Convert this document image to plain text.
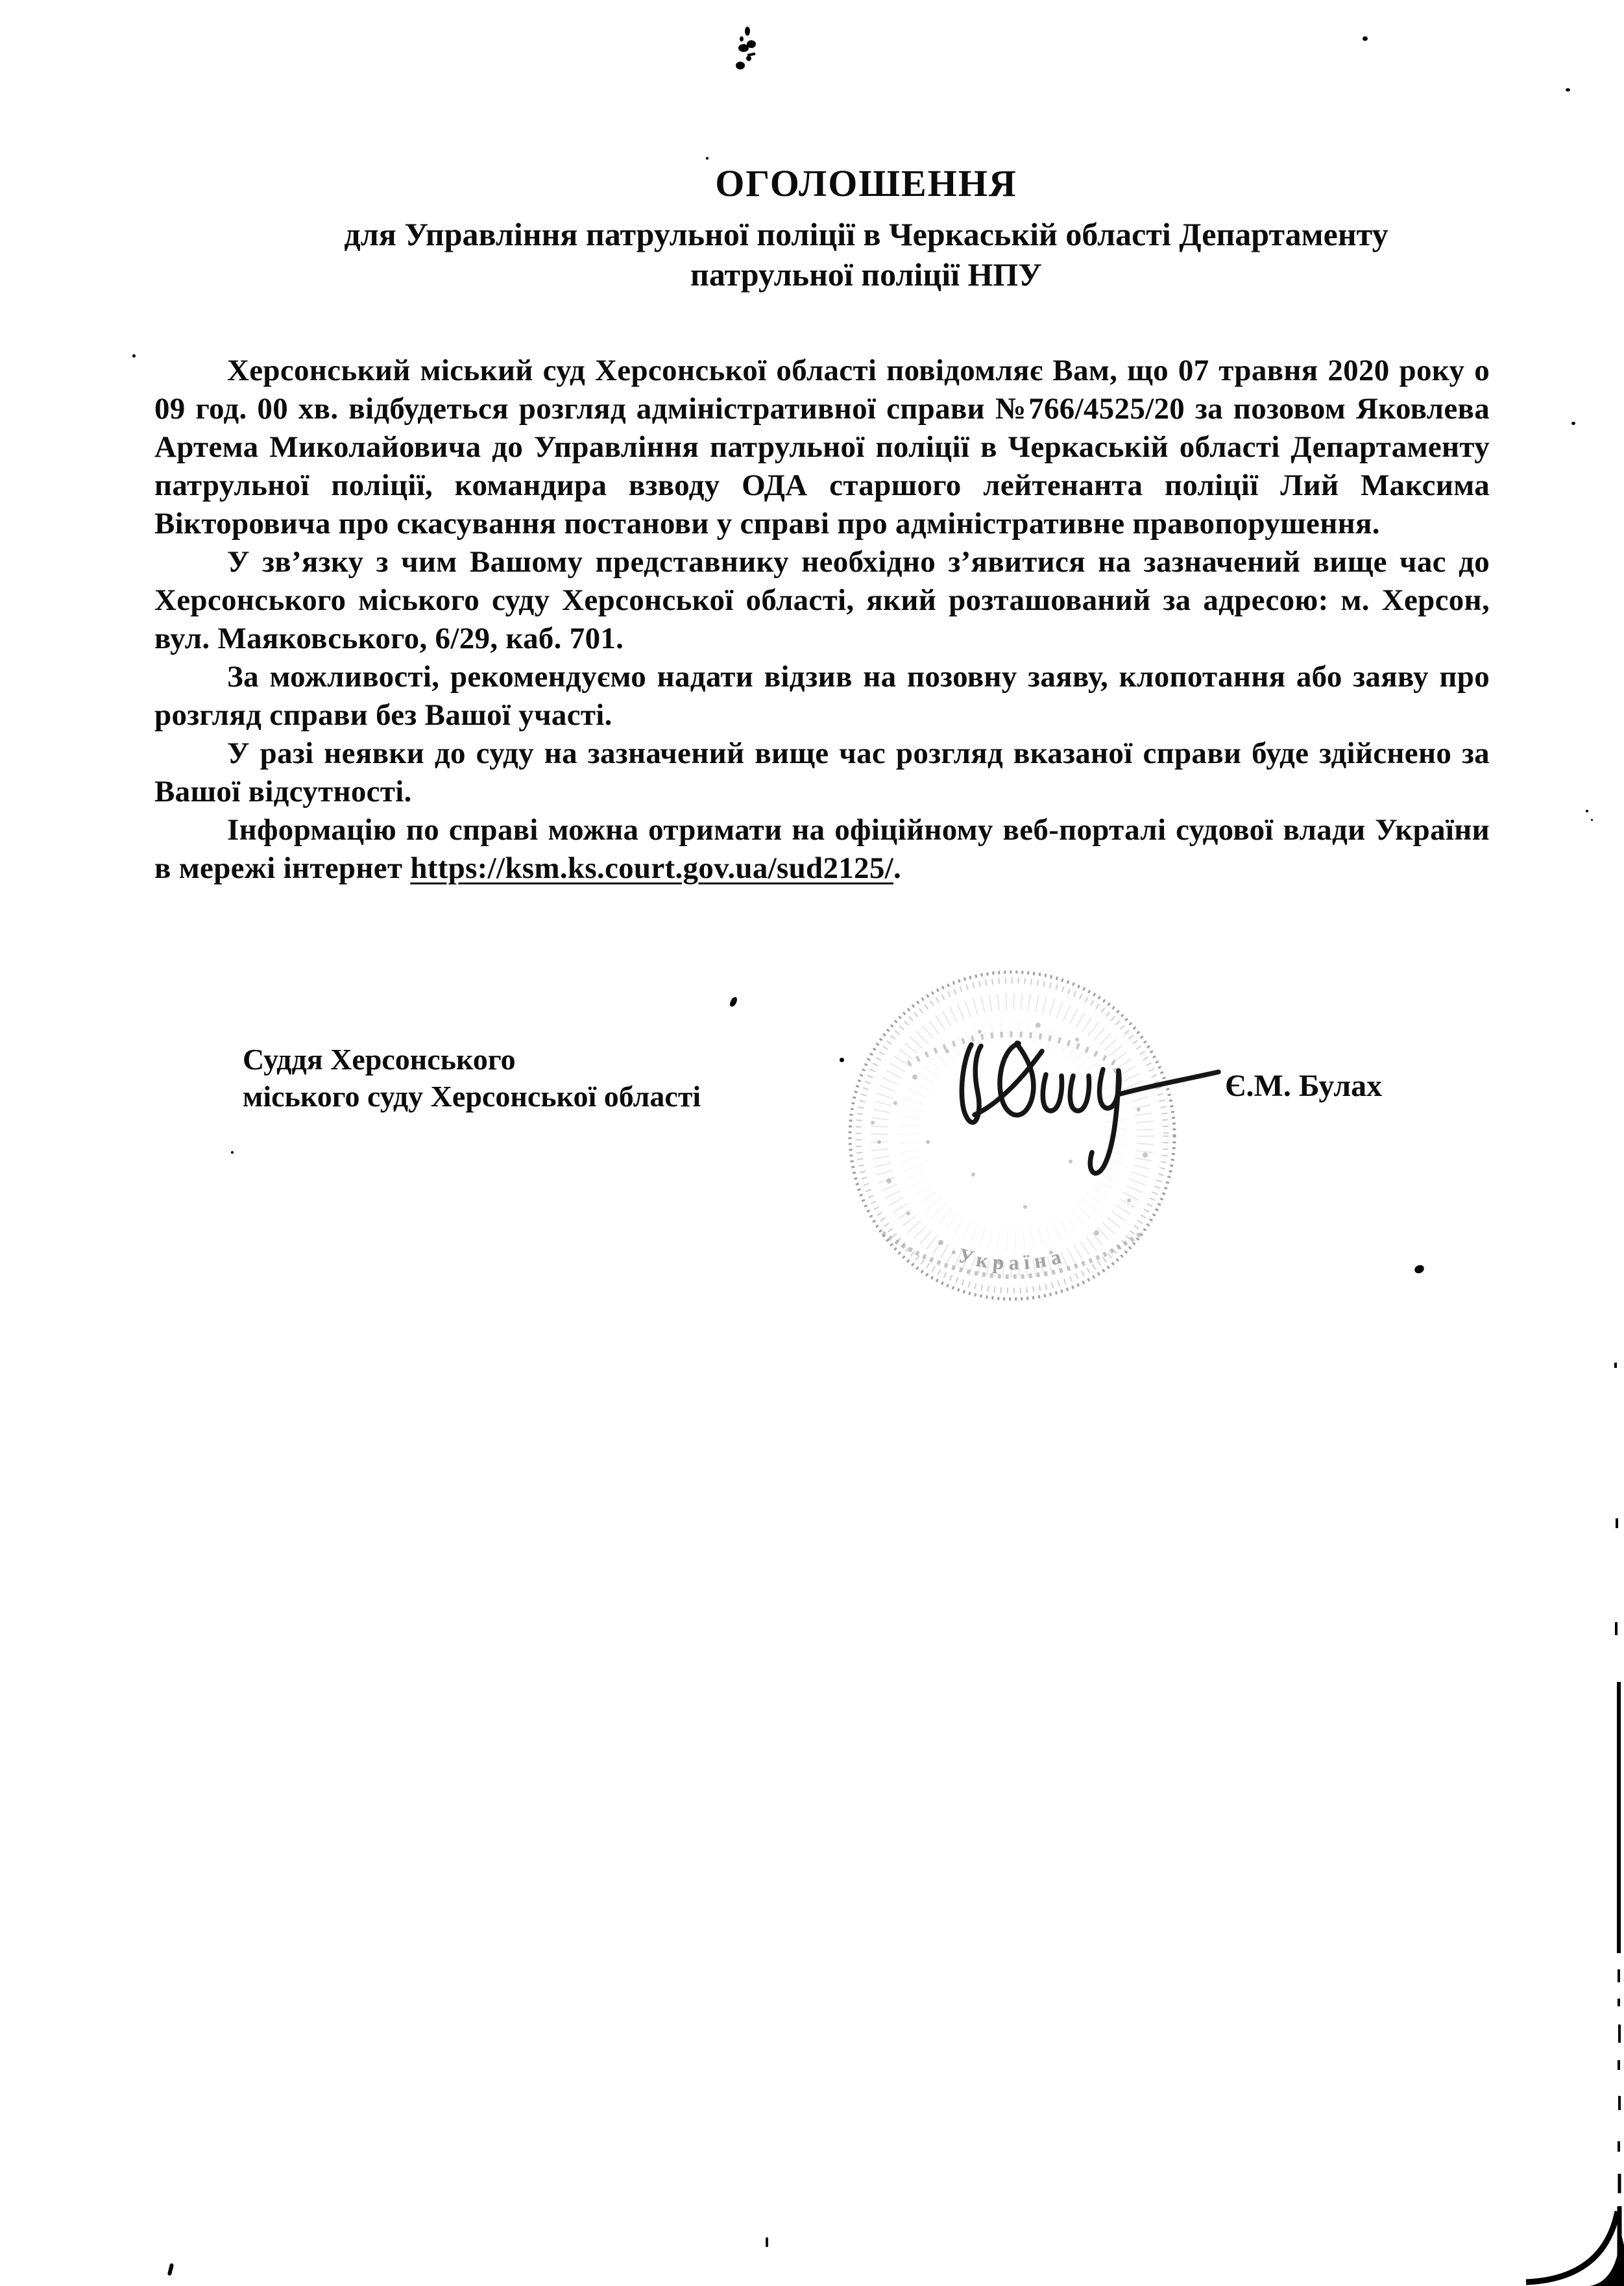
ОГОЛОШЕННЯ
для Управління патрульної поліції в Черкаській області Департаменту
патрульної поліції НПУ

Херсонський міський суд Херсонської області повідомляє Вам, що 07 травня 2020 року о 09 год. 00 хв. відбудеться розгляд адміністративної справи №766/4525/20 за позовом Яковлева Артема Миколайовича до Управління патрульної поліції в Черкаській області Департаменту патрульної поліції, командира взводу ОДА старшого лейтенанта поліції Лий Максима Вікторовича про скасування постанови у справі про адміністративне правопорушення.

У зв’язку з чим Вашому представнику необхідно з’явитися на зазначений вище час до Херсонського міського суду Херсонської області, який розташований за адресою: м. Херсон, вул. Маяковського, 6/29, каб. 701.

За можливості, рекомендуємо надати відзив на позовну заяву, клопотання або заяву про розгляд справи без Вашої участі.

У разі неявки до суду на зазначений вище час розгляд вказаної справи буде здійснено за Вашої відсутності.

Інформацію по справі можна отримати на офіційному веб-порталі судової влади України в мережі інтернет https://ksm.ks.court.gov.ua/sud2125/.

Суддя Херсонського
міського суду Херсонської області	Є.М. Булах
Україна
